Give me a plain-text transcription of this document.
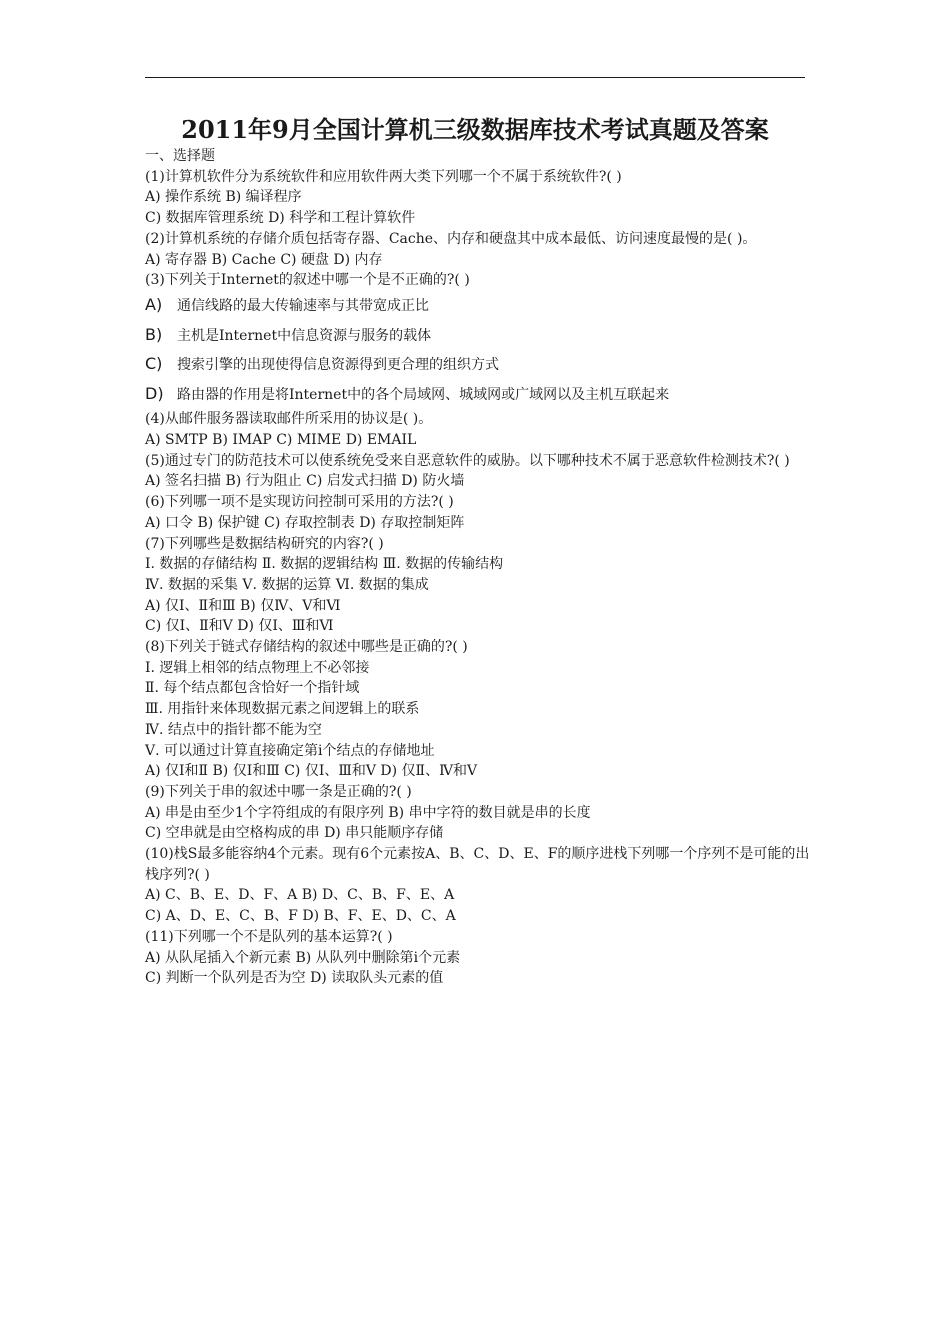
2011年9月全国计算机三级数据库技术考试真题及答案
一、选择题
(1)计算机软件分为系统软件和应用软件两大类下列哪一个不属于系统软件?( )
A) 操作系统 B) 编译程序
C) 数据库管理系统 D) 科学和工程计算软件
(2)计算机系统的存储介质包括寄存器、Cache、内存和硬盘其中成本最低、访问速度最慢的是( )。
A) 寄存器 B) Cache C) 硬盘 D) 内存
(3)下列关于Internet的叙述中哪一个是不正确的?( )
A) 通信线路的最大传输速率与其带宽成正比
B) 主机是Internet中信息资源与服务的载体
C) 搜索引擎的出现使得信息资源得到更合理的组织方式
D) 路由器的作用是将Internet中的各个局域网、城域网或广域网以及主机互联起来
(4)从邮件服务器读取邮件所采用的协议是( )。
A) SMTP B) IMAP C) MIME D) EMAIL
(5)通过专门的防范技术可以使系统免受来自恶意软件的威胁。以下哪种技术不属于恶意软件检测技术?( )
A) 签名扫描 B) 行为阻止 C) 启发式扫描 D) 防火墙
(6)下列哪一项不是实现访问控制可采用的方法?( )
A) 口令 B) 保护键 C) 存取控制表 D) 存取控制矩阵
(7)下列哪些是数据结构研究的内容?( )
Ⅰ. 数据的存储结构 Ⅱ. 数据的逻辑结构 Ⅲ. 数据的传输结构
Ⅳ. 数据的采集 Ⅴ. 数据的运算 Ⅵ. 数据的集成
A) 仅Ⅰ、Ⅱ和Ⅲ B) 仅Ⅳ、Ⅴ和Ⅵ
C) 仅Ⅰ、Ⅱ和Ⅴ D) 仅Ⅰ、Ⅲ和Ⅵ
(8)下列关于链式存储结构的叙述中哪些是正确的?( )
Ⅰ. 逻辑上相邻的结点物理上不必邻接
Ⅱ. 每个结点都包含恰好一个指针域
Ⅲ. 用指针来体现数据元素之间逻辑上的联系
Ⅳ. 结点中的指针都不能为空
Ⅴ. 可以通过计算直接确定第i个结点的存储地址
A) 仅Ⅰ和Ⅱ B) 仅Ⅰ和Ⅲ C) 仅Ⅰ、Ⅲ和Ⅴ D) 仅Ⅱ、Ⅳ和Ⅴ
(9)下列关于串的叙述中哪一条是正确的?( )
A) 串是由至少1个字符组成的有限序列 B) 串中字符的数目就是串的长度
C) 空串就是由空格构成的串 D) 串只能顺序存储
(10)栈S最多能容纳4个元素。现有6个元素按A、B、C、D、E、F的顺序进栈下列哪一个序列不是可能的出栈序列?( )
A) C、B、E、D、F、A B) D、C、B、F、E、A
C) A、D、E、C、B、F D) B、F、E、D、C、A
(11)下列哪一个不是队列的基本运算?( )
A) 从队尾插入个新元素 B) 从队列中删除第i个元素
C) 判断一个队列是否为空 D) 读取队头元素的值
